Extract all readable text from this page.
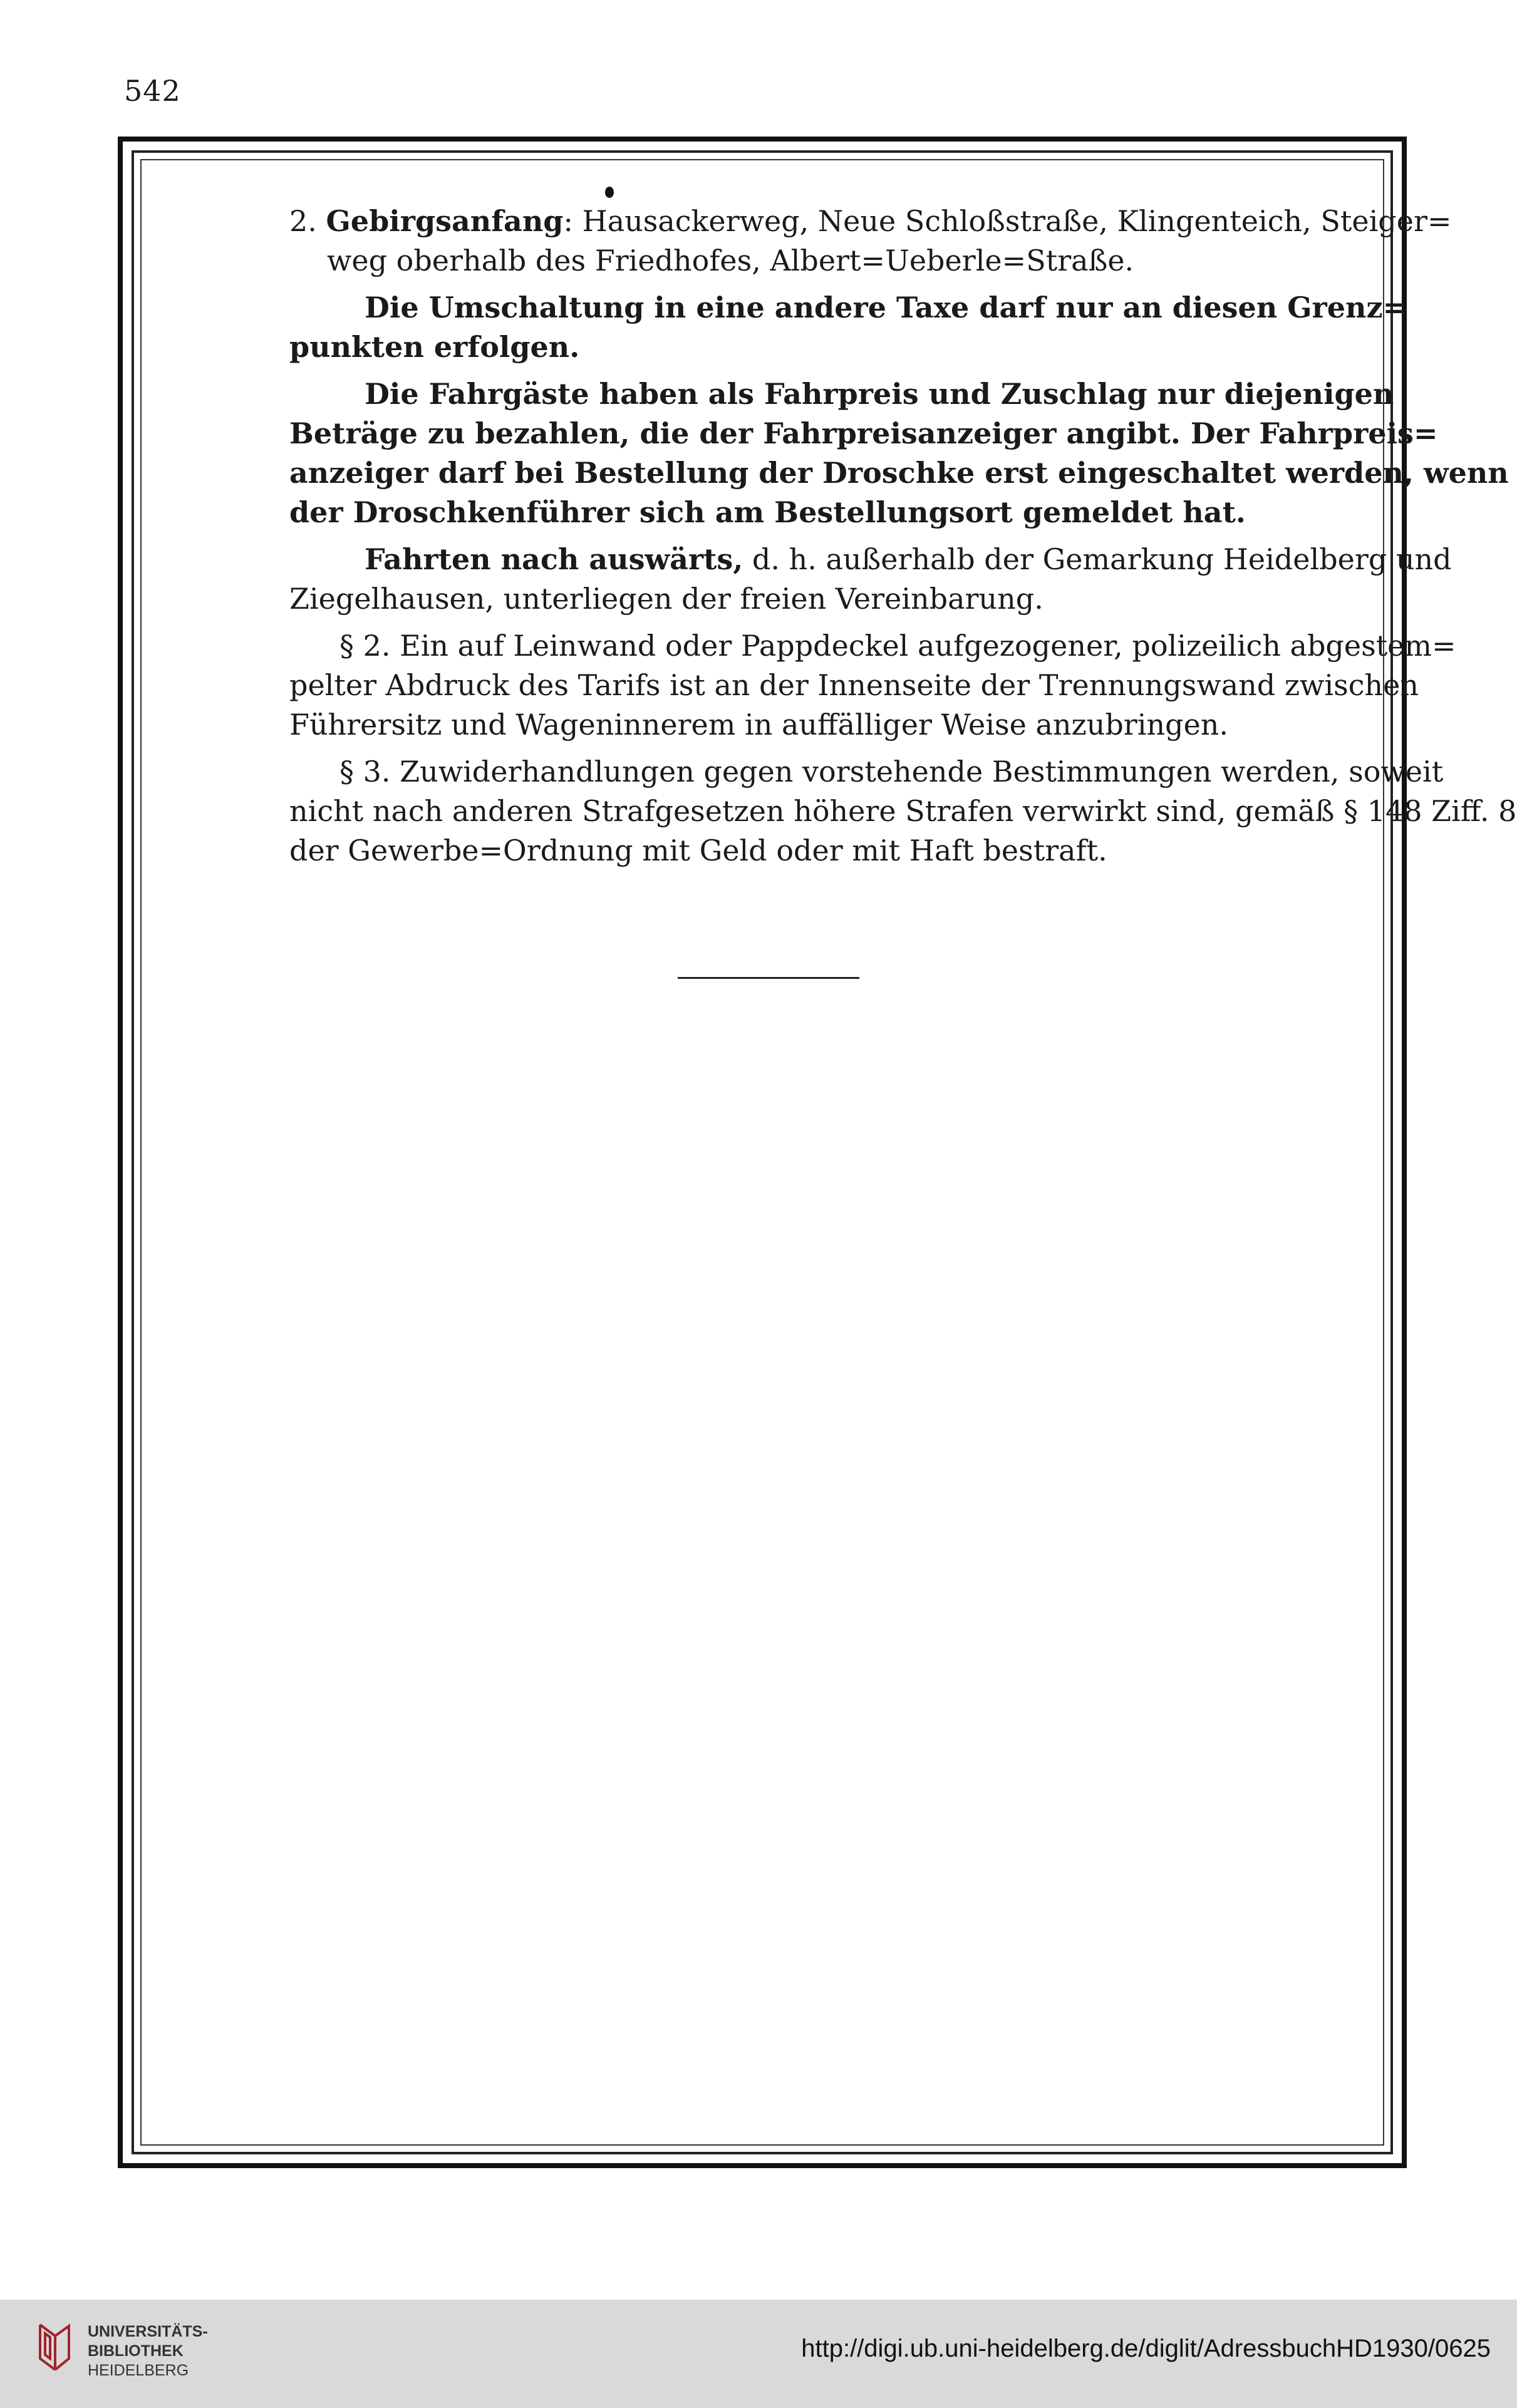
542
2. Gebirgsanfang: Hausackerweg, Neue Schloßstraße, Klingenteich, Steiger=
weg oberhalb des Friedhofes, Albert=Ueberle=Straße.
Die Umschaltung in eine andere Taxe darf nur an diesen Grenz=
punkten erfolgen.
Die Fahrgäste haben als Fahrpreis und Zuschlag nur diejenigen
Beträge zu bezahlen, die der Fahrpreisanzeiger angibt. Der Fahrpreis=
anzeiger darf bei Bestellung der Droschke erst eingeschaltet werden, wenn
der Droschkenführer sich am Bestellungsort gemeldet hat.
Fahrten nach auswärts, d. h. außerhalb der Gemarkung Heidelberg und
Ziegelhausen, unterliegen der freien Vereinbarung.
§ 2. Ein auf Leinwand oder Pappdeckel aufgezogener, polizeilich abgestem=
pelter Abdruck des Tarifs ist an der Innenseite der Trennungswand zwischen
Führersitz und Wageninnerem in auffälliger Weise anzubringen.
§ 3. Zuwiderhandlungen gegen vorstehende Bestimmungen werden, soweit
nicht nach anderen Strafgesetzen höhere Strafen verwirkt sind, gemäß § 148 Ziff. 8
der Gewerbe=Ordnung mit Geld oder mit Haft bestraft.
UNIVERSITÄTS-
BIBLIOTHEK
HEIDELBERG
http://digi.ub.uni-heidelberg.de/diglit/AdressbuchHD1930/0625
